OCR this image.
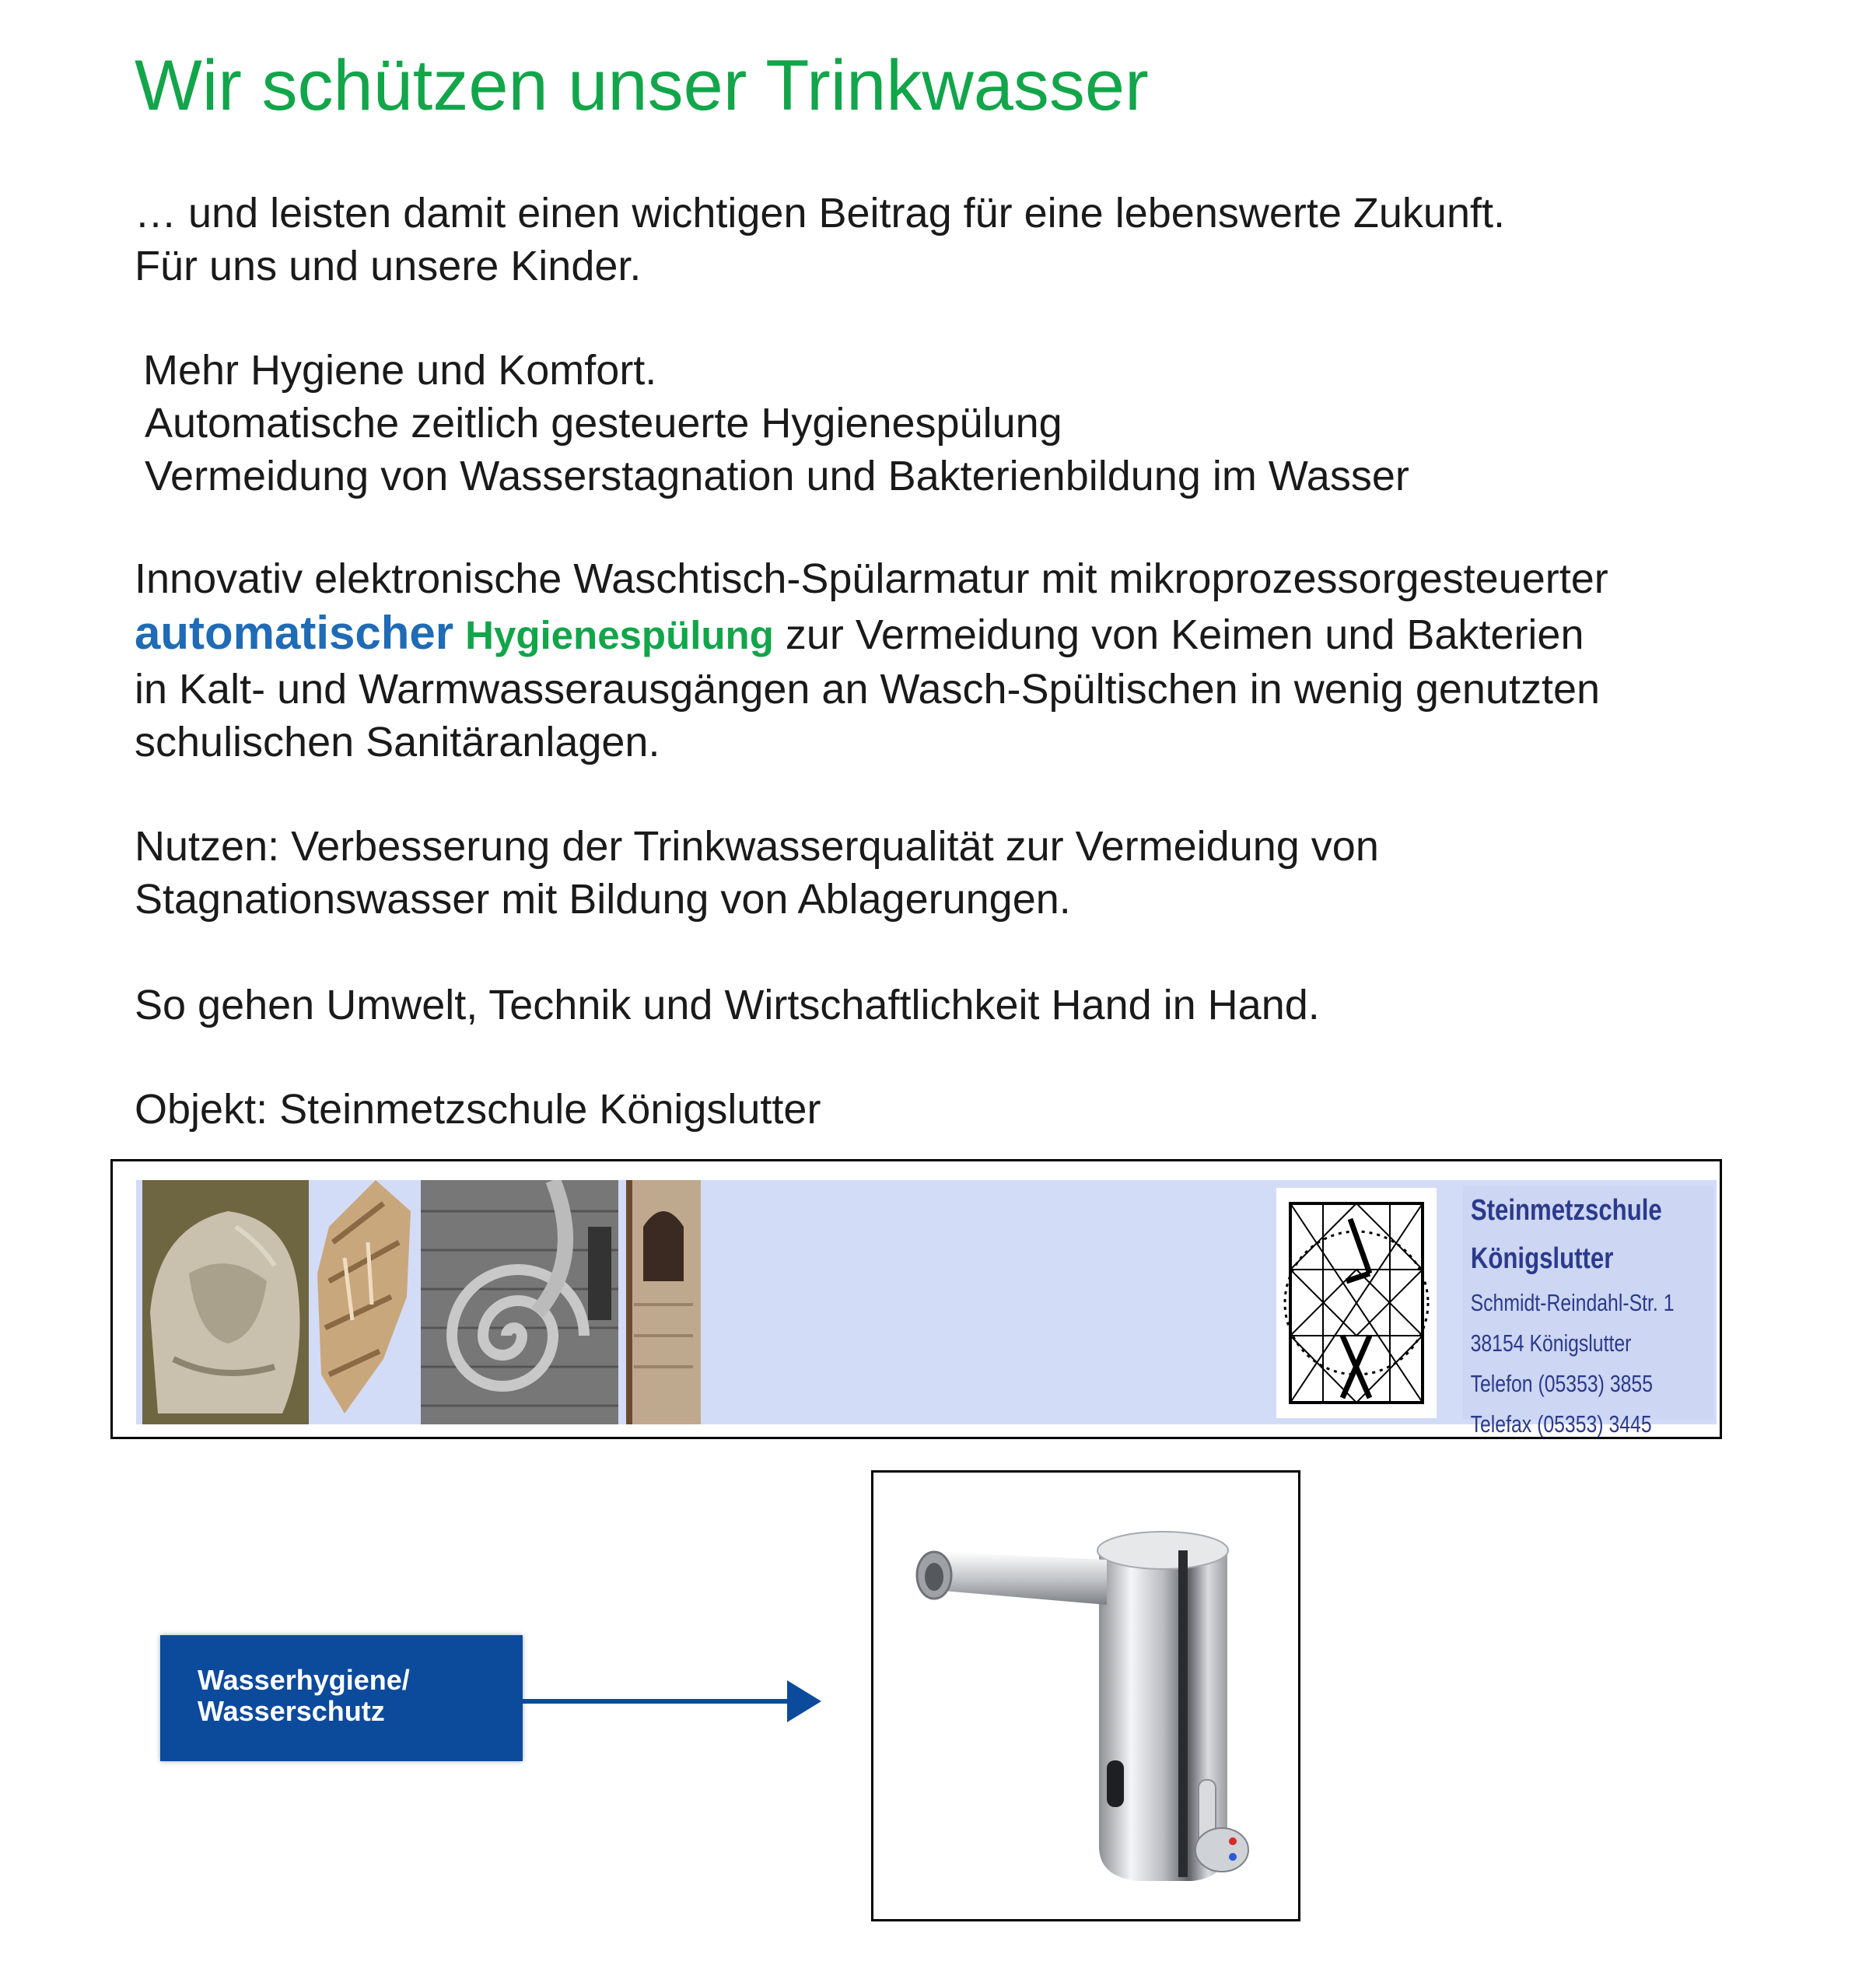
Wir schützen unser Trinkwasser
… und leisten damit einen wichtigen Beitrag für eine lebenswerte Zukunft.
Für uns und unsere Kinder.
Mehr Hygiene und Komfort.
Automatische zeitlich gesteuerte Hygienespülung
Vermeidung von Wasserstagnation und Bakterienbildung im Wasser
Innovativ elektronische Waschtisch-Spülarmatur mit mikroprozessorgesteuerter
automatischer Hygienespülung zur Vermeidung von Keimen und Bakterien
in Kalt- und Warmwasserausgängen an Wasch-Spültischen in wenig genutzten
schulischen Sanitäranlagen.
Nutzen: Verbesserung der Trinkwasserqualität zur Vermeidung von
Stagnationswasser mit Bildung von Ablagerungen.
So gehen Umwelt, Technik und Wirtschaftlichkeit Hand in Hand.
Objekt: Steinmetzschule Königslutter
Steinmetzschule
Königslutter
Schmidt-Reindahl-Str. 1
38154 Königslutter
Telefon (05353) 3855
Telefax (05353) 3445
Wasserhygiene/
Wasserschutz
